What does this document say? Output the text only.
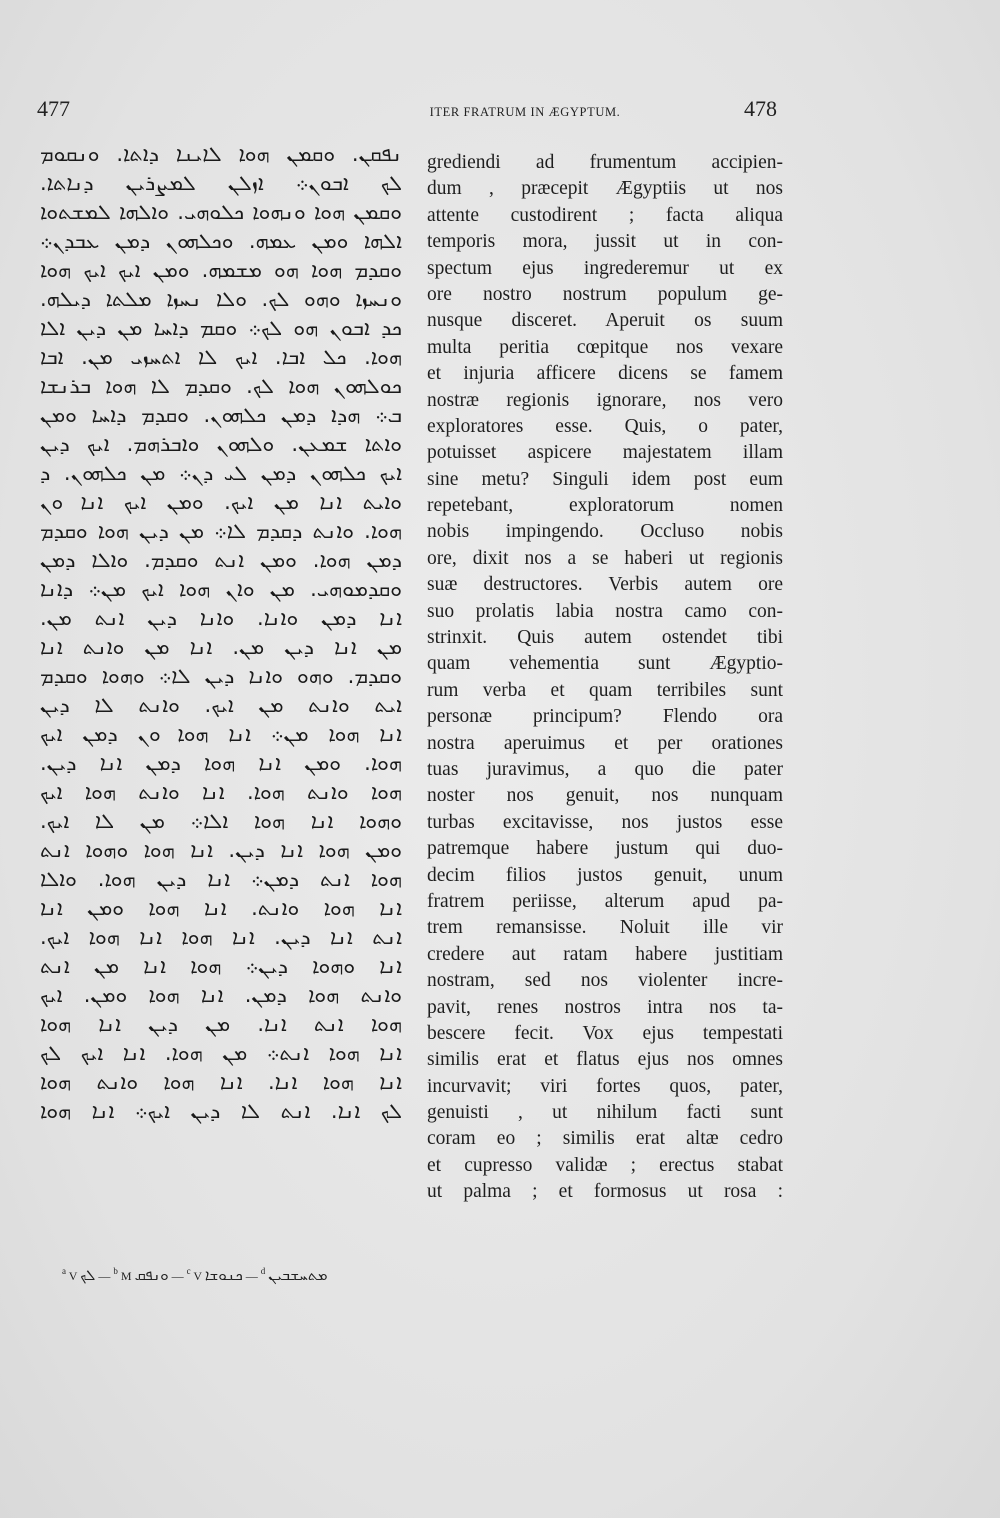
477	ITER FRATRUM IN ÆGYPTUM.	478
ܢܦܩܢ. ܘܩܡܢ ܗܘܐ ܠܐܝܢܐ ܕܐܬܐ. ܘܢܩܘܡ
ܠܟ ܐܒܘܢ܀ ܐܙܠܢ ܠܡܨܪܝܢ ܕܢܐܬܐ.
ܘܩܡܢ ܗܘܐ ܘܢܗܘܐ ܟܠܘܗܝ. ܘܐܠܗܐ ܠܡܫܬܘܐ
ܐܠܗܐ ܘܡܢ ܥܡܗ. ܘܟܠܗܘܢ ܕܡܢ ܥܒܕܢ܀
ܘܩܕܡ ܗܘܐ ܗܘ ܡܫܡܗ. ܘܡܢ ܐܝܟ ܐܝܟ ܗܘܐ
ܘܢܚܙܐ ܘܗܘ ܠܟ. ܘܠܐ ܢܚܙܐ ܡܠܬܐ ܕܝܠܗ.
ܟܕ ܐܒܘܢ ܗܘ ܠܟ܀ ܘܩܡ ܕܐܚܐ ܡܢ ܕܝܢ ܐܠܐ
ܗܘܐ. ܟܠ ܐܒܐ. ܐܝܟ ܠܐ ܐܬܚܙܝ ܡܢ. ܐܒܐ
ܟܘܠܗܘܢ ܗܘܐ ܠܟ. ܘܩܕܡ ܠܐ ܗܘܐ ܒܪܢܫܐ
ܒ܀ ܗܕܐ ܕܡܢ ܟܠܗܘܢ. ܘܩܕܡ ܕܐܚܐ ܘܡܢ
ܘܐܬܐ ܫܡܥܢ. ܘܠܗܘܢ ܘܐܒܪܗܡ. ܐܝܟ ܕܝܢ
ܐܝܟ ܟܠܗܘܢ ܕܡܢ ܠܝ ܕܢ܀ ܡܢ ܟܠܗܘܢ. ܕ
ܘܐܝܬ ܐܢܐ ܡܢ ܐܝܟ. ܘܡܢ ܐܝܟ ܐܢܐ ܘܢ
ܗܘܐ. ܘܐܢܬ ܕܩܕܡ ܠܐ܀ ܡܢ ܕܝܢ ܗܘܐ ܘܩܕܡ
ܕܡܢ ܗܘܐ. ܘܡܢ ܐܢܬ ܘܩܕܡ. ܘܐܠܐ ܕܡܢ
ܘܩܕܡܘܗܝ. ܡܢ ܘܐܢ ܗܘܐ ܐܝܟ ܡܢ܀ ܕܐܢܐ
ܐܢܐ ܕܡܢ ܘܐܢܐ. ܘܐܢܐ ܕܝܢ ܐܢܬ ܡܢ.
ܡܢ ܐܢܐ ܕܝܢ ܡܢ. ܐܢܐ ܡܢ ܘܐܢܬ ܐܢܐ
ܘܩܕܡ. ܘܗܘ ܘܐܢܐ ܕܝܢ ܠܐ܀ ܘܗܘܐ ܘܩܕܡ
ܐܝܬ ܘܐܢܬ ܡܢ ܐܝܟ. ܘܐܢܬ ܠܐ ܕܝܢ
ܐܢܐ ܗܘܐ ܡܢ܀ ܐܢܐ ܗܘܐ ܘܢ ܕܡܢ ܐܝܟ
ܗܘܐ. ܘܡܢ ܐܢܐ ܗܘܐ ܕܡܢ ܐܢܐ ܕܝܢ.
ܗܘܐ ܘܐܢܬ ܗܘܐ. ܐܢܐ ܘܐܢܬ ܗܘܐ ܐܝܟ
ܘܗܘܐ ܐܢܐ ܗܘܐ ܐܠܐ܀ ܡܢ ܠܐ ܐܝܟ.
ܘܡܢ ܗܘܐ ܐܢܐ ܕܝܢ. ܐܢܐ ܗܘܐ ܘܗܘܐ ܐܢܬ
ܗܘܐ ܐܢܬ ܕܡܢ܀ ܐܢܐ ܕܝܢ ܗܘܐ. ܘܐܠܐ
ܐܢܐ ܗܘܐ ܘܐܢܬ. ܐܢܐ ܗܘܐ ܘܡܢ ܐܢܐ
ܐܢܬ ܐܢܐ ܕܝܢ. ܐܢܐ ܗܘܐ ܐܢܐ ܗܘܐ ܐܝܟ.
ܐܢܐ ܘܗܘܐ ܕܝܢ܀ ܗܘܐ ܐܢܐ ܡܢ ܐܢܬ
ܘܐܢܬ ܗܘܐ ܕܡܢ. ܐܢܐ ܗܘܐ ܘܡܢ. ܐܝܟ
ܗܘܐ ܐܢܬ ܐܢܐ. ܡܢ ܕܝܢ ܐܢܐ ܗܘܐ
ܐܢܐ ܗܘܐ ܐܢܬ܀ ܡܢ ܗܘܐ. ܐܢܐ ܐܝܟ ܠܟ
ܐܢܐ ܗܘܐ ܐܢܐ. ܐܢܐ ܗܘܐ ܘܐܢܬ ܗܘܐ
ܠܟ ܐܢܐ. ܐܢܬ ܠܐ ܕܝܢ ܐܝܟ܀ ܐܢܐ ܗܘܐ
grediendi ad frumentum accipien-
dum , præcepit Ægyptiis ut nos
attente custodirent ; facta aliqua
temporis mora, jussit ut in con-
spectum ejus ingrederemur ut ex
ore nostro nostrum populum ge-
nusque disceret. Aperuit os suum
multa peritia cœpitque nos vexare
et injuria afficere dicens se famem
nostræ regionis ignorare, nos vero
exploratores esse. Quis, o pater,
potuisset aspicere majestatem illam
sine metu? Singuli idem post eum
repetebant, exploratorum nomen
nobis impingendo. Occluso nobis
ore, dixit nos a se haberi ut regionis
suæ destructores. Verbis autem ore
suo prolatis labia nostra camo con-
strinxit. Quis autem ostendet tibi
quam vehementia sunt Ægyptio-
rum verba et quam terribiles sunt
personæ principum? Flendo ora
nostra aperuimus et per orationes
tuas juravimus, a quo die pater
noster nos genuit, nos nunquam
turbas excitavisse, nos justos esse
patremque habere justum qui duo-
decim filios justos genuit, unum
fratrem periisse, alterum apud pa-
trem remansisse. Noluit ille vir
credere aut ratam habere justitiam
nostram, sed nos violenter incre-
pavit, renes nostros intra nos ta-
bescere fecit. Vox ejus tempestati
similis erat et flatus ejus nos omnes
incurvavit; viri fortes quos, pater,
genuisti , ut nihilum facti sunt
coram eo ; similis erat altæ cedro
et cupresso validæ ; erectus stabat
ut palma ; et formosus ut rosa :
$^a$ V ܠܟ — $^b$ M ܘܢܦܩ — $^c$ V ܟܢܘܫܐ — $^d$ ܡܬܚܫܒܝܢ
